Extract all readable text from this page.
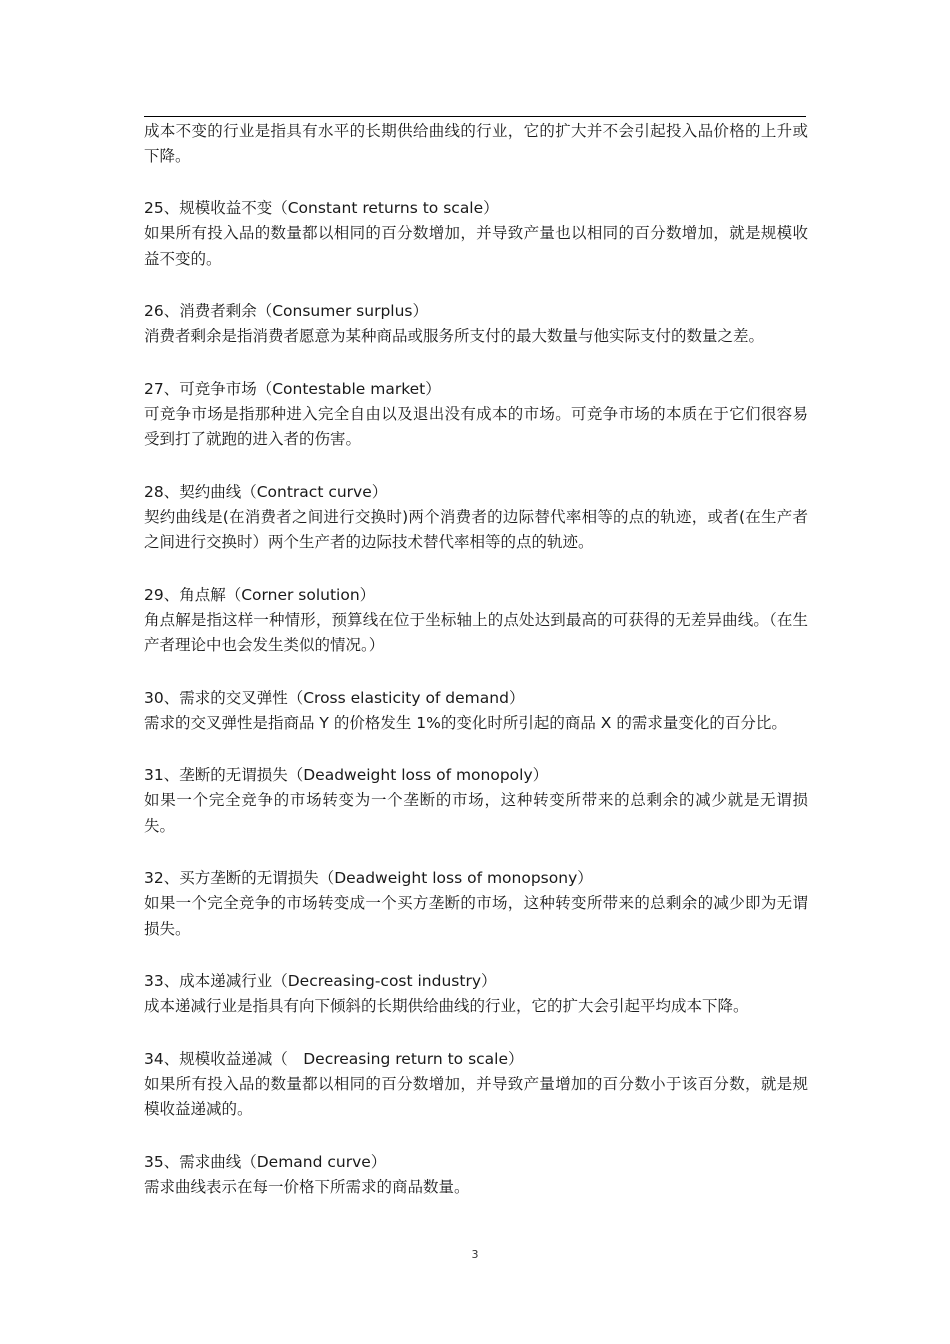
成本不变的行业是指具有水平的长期供给曲线的行业，它的扩大并不会引起投入品价格的上升或下降。

25、规模收益不变（Constant returns to scale）

如果所有投入品的数量都以相同的百分数增加，并导致产量也以相同的百分数增加，就是规模收益不变的。

26、消费者剩余（Consumer surplus）

消费者剩余是指消费者愿意为某种商品或服务所支付的最大数量与他实际支付的数量之差。

27、可竞争市场（Contestable market）

可竞争市场是指那种进入完全自由以及退出没有成本的市场。可竞争市场的本质在于它们很容易受到打了就跑的进入者的伤害。

28、契约曲线（Contract curve）

契约曲线是(在消费者之间进行交换时)两个消费者的边际替代率相等的点的轨迹，或者(在生产者之间进行交换时）两个生产者的边际技术替代率相等的点的轨迹。

29、角点解（Corner solution）

角点解是指这样一种情形，预算线在位于坐标轴上的点处达到最高的可获得的无差异曲线。（在生产者理论中也会发生类似的情况。）

30、需求的交叉弹性（Cross elasticity of demand）

需求的交叉弹性是指商品 Y 的价格发生 1%的变化时所引起的商品 X 的需求量变化的百分比。

31、垄断的无谓损失（Deadweight loss of monopoly）

如果一个完全竞争的市场转变为一个垄断的市场，这种转变所带来的总剩余的减少就是无谓损失。

32、买方垄断的无谓损失（Deadweight loss of monopsony）

如果一个完全竞争的市场转变成一个买方垄断的市场，这种转变所带来的总剩余的减少即为无谓损失。

33、成本递减行业（Decreasing-cost industry）

成本递减行业是指具有向下倾斜的长期供给曲线的行业，它的扩大会引起平均成本下降。

34、规模收益递减（　Decreasing return to scale）

如果所有投入品的数量都以相同的百分数增加，并导致产量增加的百分数小于该百分数，就是规模收益递减的。

35、需求曲线（Demand curve）

需求曲线表示在每一价格下所需求的商品数量。

3
